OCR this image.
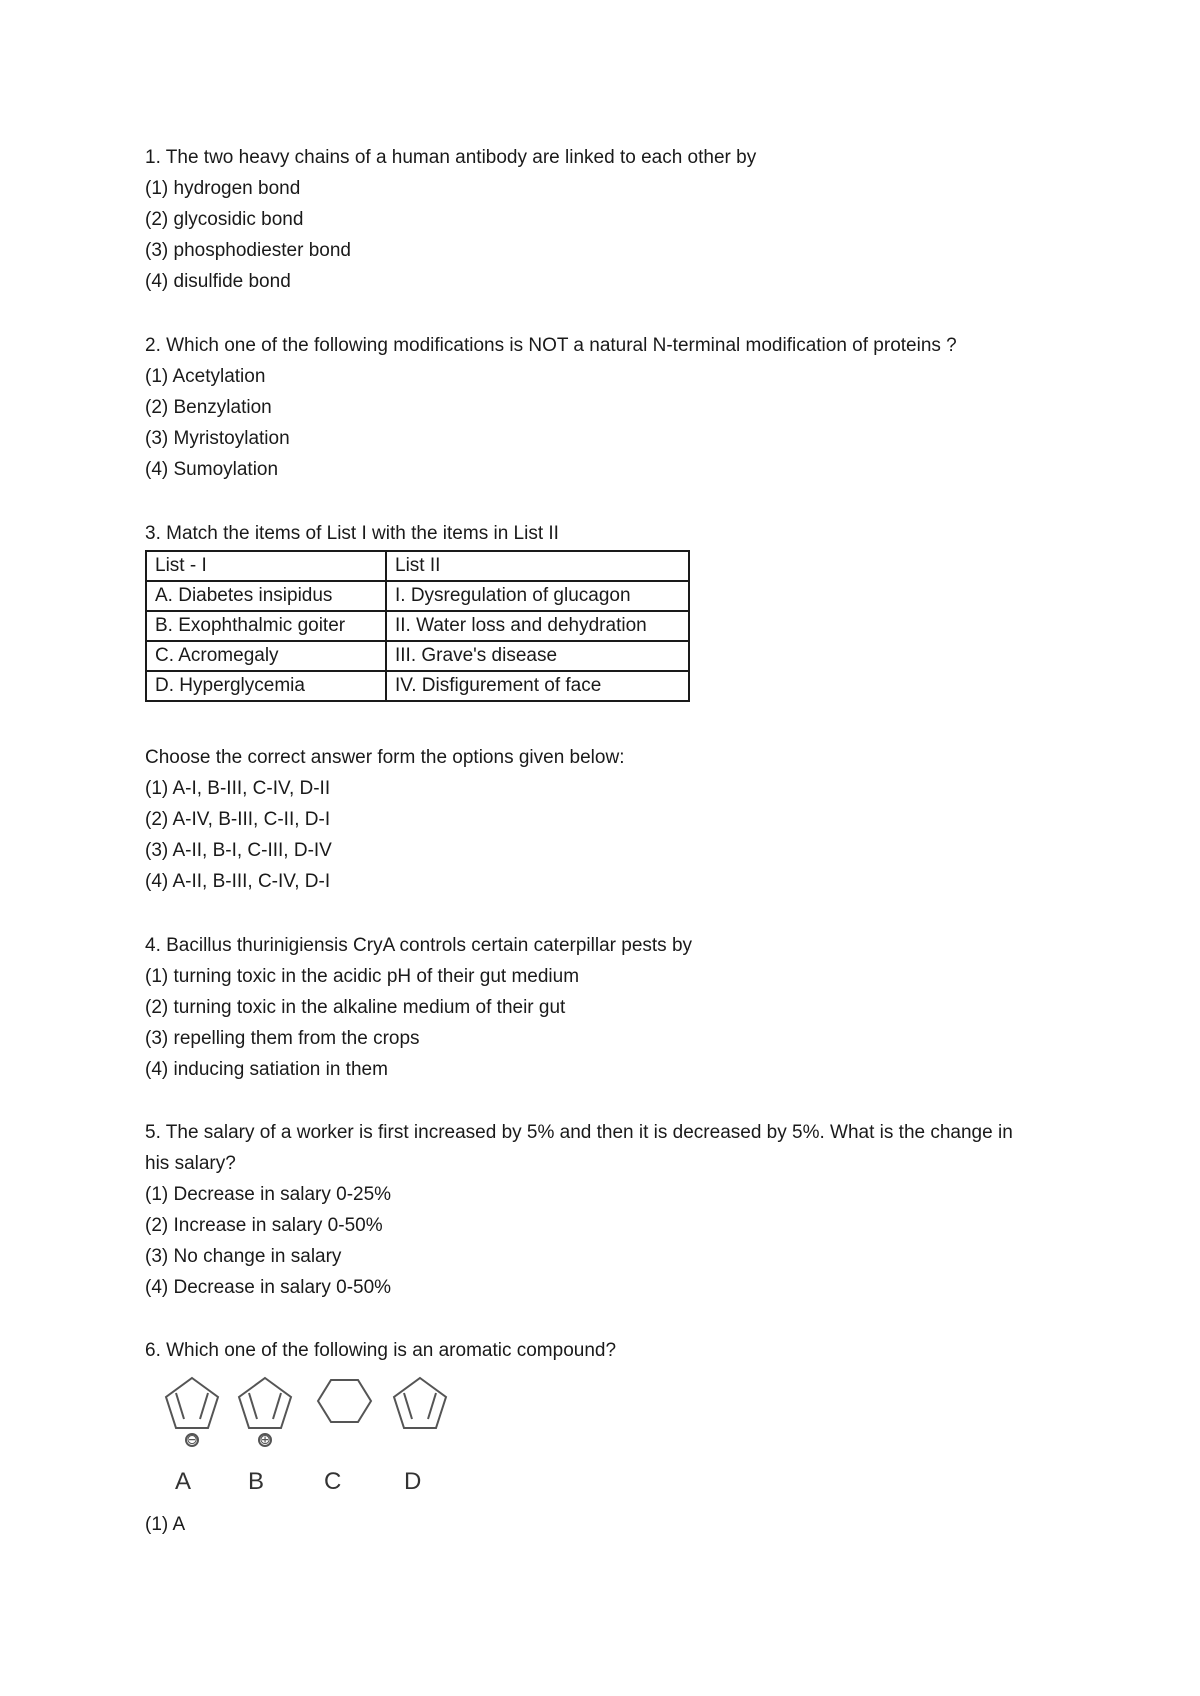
1. The two heavy chains of a human antibody are linked to each other by
(1) hydrogen bond
(2) glycosidic bond
(3) phosphodiester bond
(4) disulfide bond
2. Which one of the following modifications is NOT a natural N-terminal modification of proteins ?
(1) Acetylation
(2) Benzylation
(3) Myristoylation
(4) Sumoylation
3. Match the items of List I with the items in List II
List - I	List II
A. Diabetes insipidus	I. Dysregulation of glucagon
B. Exophthalmic goiter	II. Water loss and dehydration
C. Acromegaly	III. Grave's disease
D. Hyperglycemia	IV. Disfigurement of face
Choose the correct answer form the options given below:
(1) A-I, B-III, C-IV, D-II
(2) A-IV, B-III, C-II, D-I
(3) A-II, B-I, C-III, D-IV
(4) A-II, B-III, C-IV, D-I
4. Bacillus thurinigiensis CryA controls certain caterpillar pests by
(1) turning toxic in the acidic pH of their gut medium
(2) turning toxic in the alkaline medium of their gut
(3) repelling them from the crops
(4) inducing satiation in them
5. The salary of a worker is first increased by 5% and then it is decreased by 5%. What is the change in
his salary?
(1) Decrease in salary 0-25%
(2) Increase in salary 0-50%
(3) No change in salary
(4) Decrease in salary 0-50%
6. Which one of the following is an aromatic compound?
⊖	⊕
A B C	D
(1) A
